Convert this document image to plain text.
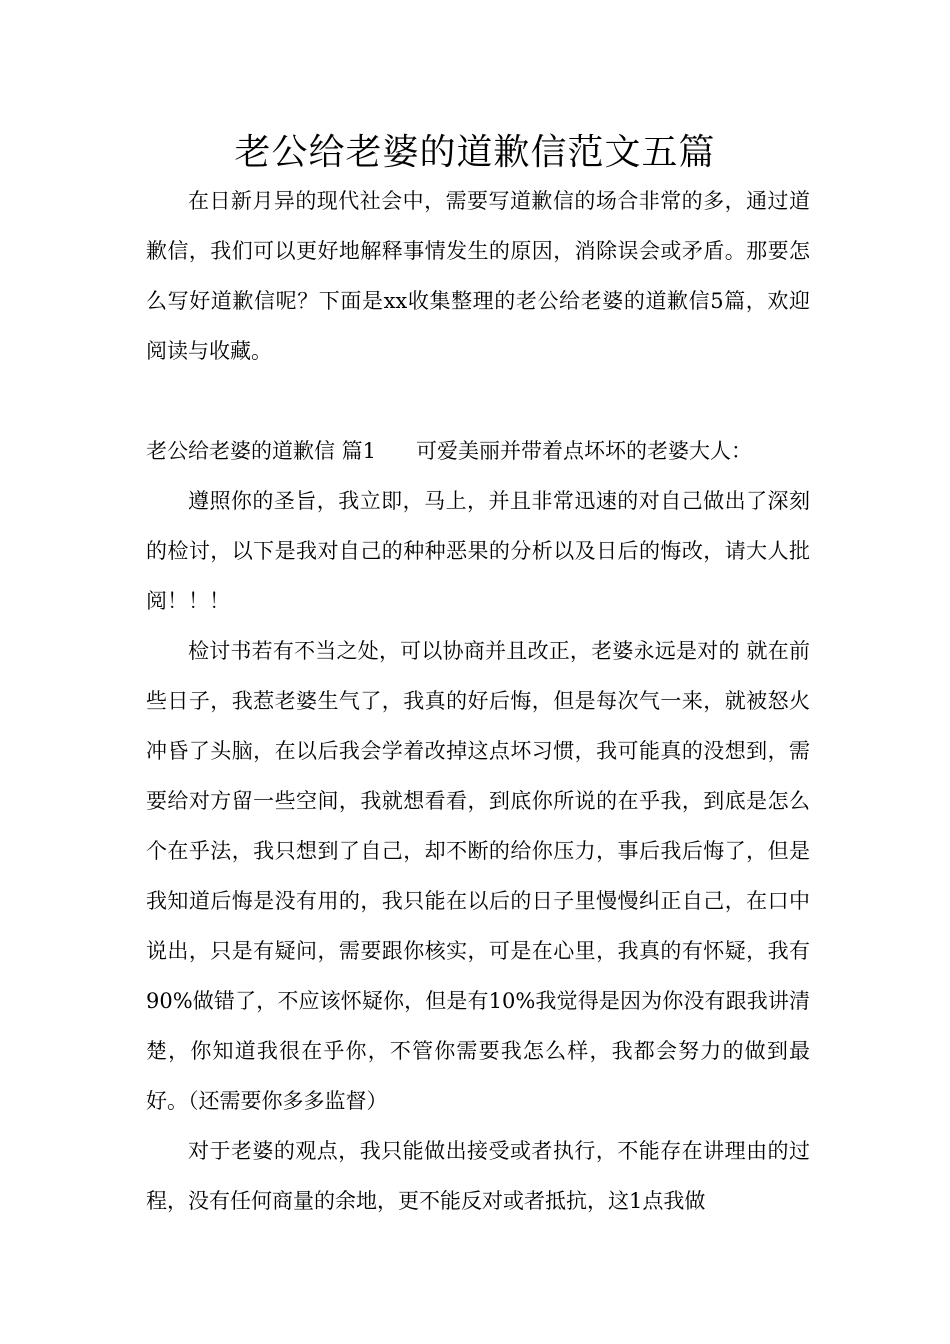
老公给老婆的道歉信范文五篇

在日新月异的现代社会中，需要写道歉信的场合非常的多，通过道歉信，我们可以更好地解释事情发生的原因，消除误会或矛盾。那要怎么写好道歉信呢？下面是xx收集整理的老公给老婆的道歉信5篇，欢迎阅读与收藏。

老公给老婆的道歉信 篇1 可爱美丽并带着点坏坏的老婆大人：

遵照你的圣旨，我立即，马上，并且非常迅速的对自己做出了深刻的检讨，以下是我对自己的种种恶果的分析以及日后的悔改，请大人批阅！！！

检讨书若有不当之处，可以协商并且改正，老婆永远是对的 就在前些日子，我惹老婆生气了，我真的好后悔，但是每次气一来，就被怒火冲昏了头脑，在以后我会学着改掉这点坏习惯，我可能真的没想到，需要给对方留一些空间，我就想看看，到底你所说的在乎我，到底是怎么个在乎法，我只想到了自己，却不断的给你压力，事后我后悔了，但是我知道后悔是没有用的，我只能在以后的日子里慢慢纠正自己，在口中说出，只是有疑问，需要跟你核实，可是在心里，我真的有怀疑，我有90%做错了，不应该怀疑你，但是有10%我觉得是因为你没有跟我讲清楚，你知道我很在乎你，不管你需要我怎么样，我都会努力的做到最好。（还需要你多多监督）

对于老婆的观点，我只能做出接受或者执行，不能存在讲理由的过程，没有任何商量的余地，更不能反对或者抵抗，这1点我做
